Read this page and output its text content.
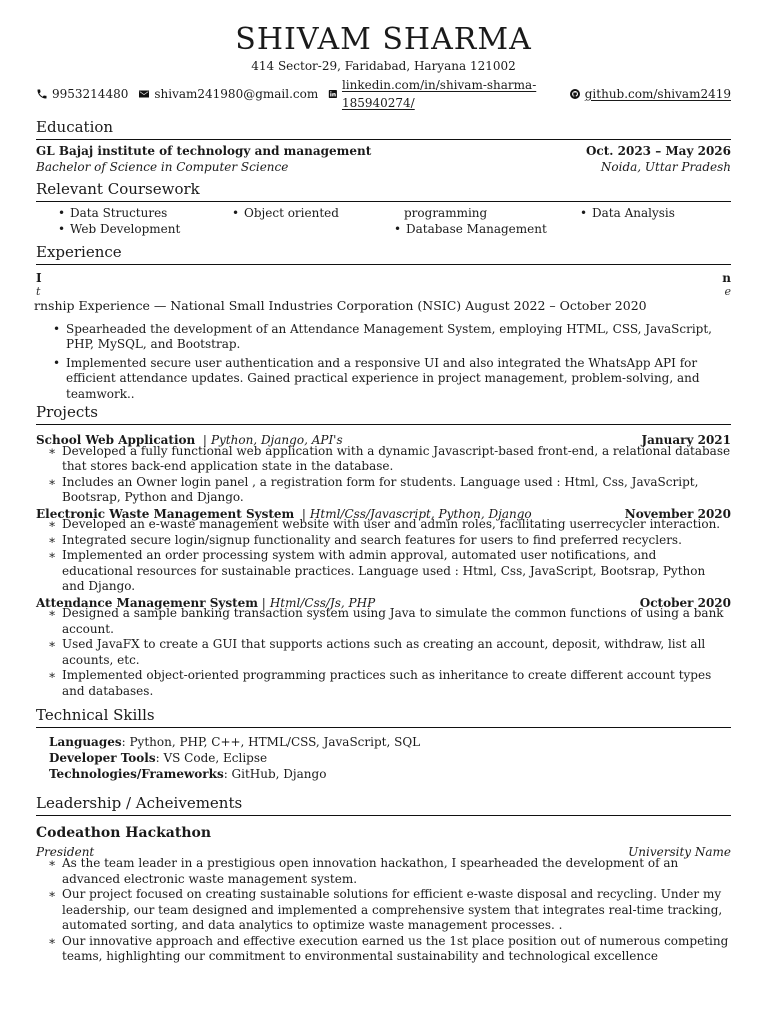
SHIVAM SHARMA
414 Sector-29, Faridabad, Haryana 121002
9953214480 shivam241980@gmail.com
linkedin.com/in/shivam-sharma-185940274/
github.com/shivam2419
Education
GL Bajaj institute of technology and management	Oct. 2023 – May 2026
Bachelor of Science in Computer Science	Noida, Uttar Pradesh
Relevant Coursework
• Data Structures
• Web Development
• Object oriented	programming
• Database Management
• Data Analysis
Experience
I	n
t	e
rnship Experience — National Small Industries Corporation (NSIC) August 2022 – October 2020
• Spearheaded the development of an Attendance Management System, employing HTML, CSS, JavaScript, PHP, MySQL, and Bootstrap.
• Implemented secure user authentication and a responsive UI and also integrated the WhatsApp API for efficient attendance updates. Gained practical experience in project management, problem-solving, and teamwork..
Projects
School Web Application | Python, Django, API's	January 2021
∗ Developed a fully functional web application with a dynamic Javascript-based front-end, a relational database that stores back-end application state in the database.
∗ Includes an Owner login panel , a registration form for students. Language used : Html, Css, JavaScript, Bootsrap, Python and Django.
Electronic Waste Management System | Html/Css/Javascript, Python, Django	November 2020
∗ Developed an e-waste management website with user and admin roles, facilitating userrecycler interaction.
∗ Integrated secure login/signup functionality and search features for users to find preferred recyclers.
∗ Implemented an order processing system with admin approval, automated user notifications, and educational resources for sustainable practices. Language used : Html, Css, JavaScript, Bootsrap, Python and Django.
Attendance Managemenr System | Html/Css/Js, PHP	October 2020
∗ Designed a sample banking transaction system using Java to simulate the common functions of using a bank account.
∗ Used JavaFX to create a GUI that supports actions such as creating an account, deposit, withdraw, list all acounts, etc.
∗ Implemented object-oriented programming practices such as inheritance to create different account types and databases.
Technical Skills
Languages: Python, PHP, C++, HTML/CSS, JavaScript, SQL
Developer Tools: VS Code, Eclipse
Technologies/Frameworks: GitHub, Django
Leadership / Acheivements
Codeathon Hackathon
President	University Name
∗ As the team leader in a prestigious open innovation hackathon, I spearheaded the development of an advanced electronic waste management system.
∗ Our project focused on creating sustainable solutions for efficient e-waste disposal and recycling. Under my leadership, our team designed and implemented a comprehensive system that integrates real-time tracking, automated sorting, and data analytics to optimize waste management processes. .
∗ Our innovative approach and effective execution earned us the 1st place position out of numerous competing teams, highlighting our commitment to environmental sustainability and technological excellence
